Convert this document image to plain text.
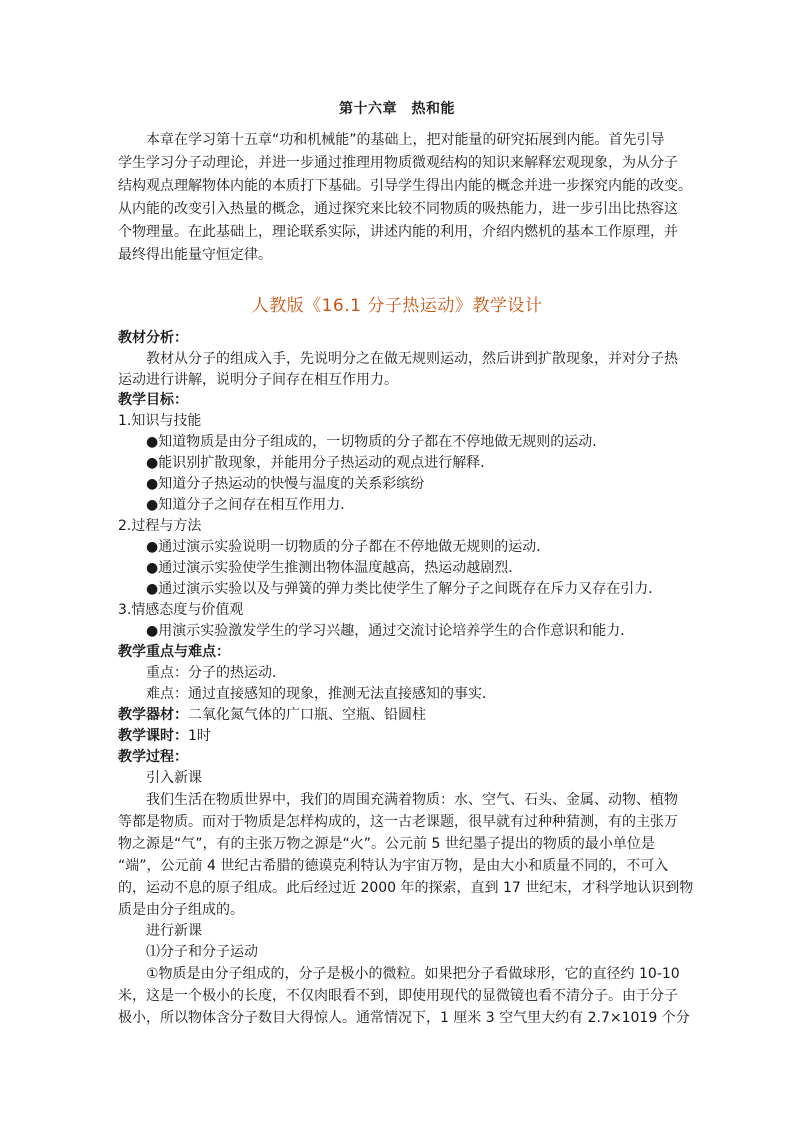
第十六章　热和能
本章在学习第十五章“功和机械能”的基础上，把对能量的研究拓展到内能。首先引导
学生学习分子动理论，并进一步通过推理用物质微观结构的知识来解释宏观现象，为从分子
结构观点理解物体内能的本质打下基础。引导学生得出内能的概念并进一步探究内能的改变。
从内能的改变引入热量的概念，通过探究来比较不同物质的吸热能力，进一步引出比热容这
个物理量。在此基础上，理论联系实际，讲述内能的利用，介绍内燃机的基本工作原理，并
最终得出能量守恒定律。
人教版《16.1 分子热运动》教学设计
教材分析：
教材从分子的组成入手，先说明分之在做无规则运动，然后讲到扩散现象，并对分子热
运动进行讲解，说明分子间存在相互作用力。
教学目标：
1.知识与技能
●知道物质是由分子组成的，一切物质的分子都在不停地做无规则的运动．
●能识别扩散现象，并能用分子热运动的观点进行解释．
●知道分子热运动的快慢与温度的关系彩缤纷
●知道分子之间存在相互作用力．
2.过程与方法
●通过演示实验说明一切物质的分子都在不停地做无规则的运动．
●通过演示实验使学生推测出物体温度越高，热运动越剧烈．
●通过演示实验以及与弹簧的弹力类比使学生了解分子之间既存在斥力又存在引力．
3.情感态度与价值观
●用演示实验激发学生的学习兴趣，通过交流讨论培养学生的合作意识和能力．
教学重点与难点：
重点：分子的热运动．
难点：通过直接感知的现象，推测无法直接感知的事实．
教学器材：二氧化氮气体的广口瓶、空瓶、铅圆柱
教学课时：1时
教学过程：
引入新课
我们生活在物质世界中，我们的周围充满着物质：水、空气、石头、金属、动物、植物
等都是物质。而对于物质是怎样构成的，这一古老课题，很早就有过种种猜测，有的主张万
物之源是“气”，有的主张万物之源是“火”。公元前 5 世纪墨子提出的物质的最小单位是
“端”，公元前 4 世纪古希腊的德谟克利特认为宇宙万物，是由大小和质量不同的，不可入
的，运动不息的原子组成。此后经过近 2000 年的探索，直到 17 世纪末，才科学地认识到物
质是由分子组成的。
进行新课
⑴分子和分子运动
①物质是由分子组成的，分子是极小的微粒。如果把分子看做球形，它的直径约 10-10
米，这是一个极小的长度，不仅肉眼看不到，即使用现代的显微镜也看不清分子。由于分子
极小，所以物体含分子数目大得惊人。通常情况下，1 厘米 3 空气里大约有 2.7×1019 个分
